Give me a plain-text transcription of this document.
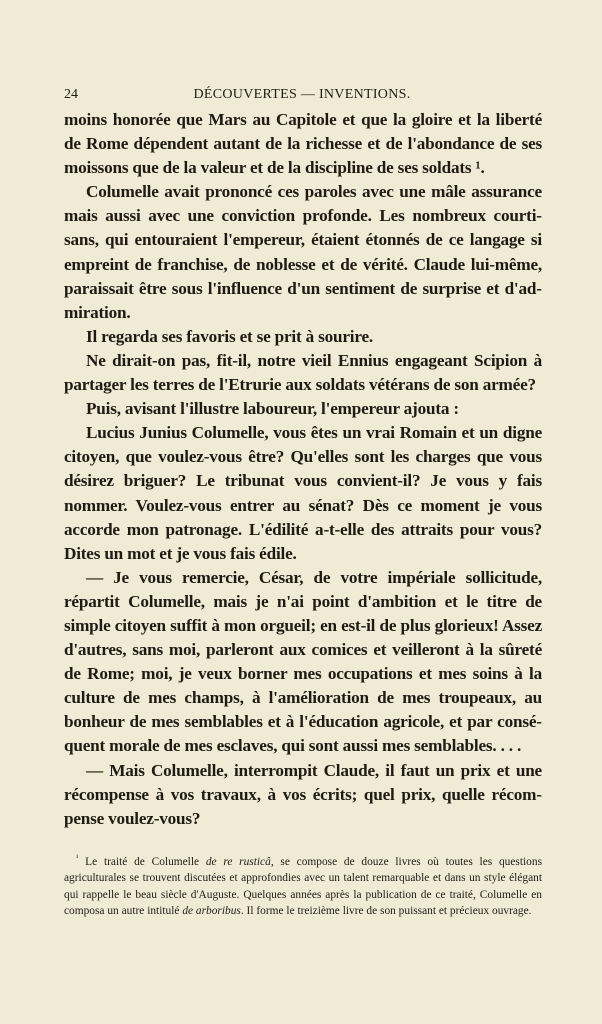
24	DÉCOUVERTES — INVENTIONS.

moins honorée que Mars au Capitole et que la gloire et la liberté de Rome dépendent autant de la richesse et de l'abondance de ses moissons que de la valeur et de la discipline de ses soldats ¹.

Columelle avait prononcé ces paroles avec une mâle assurance mais aussi avec une conviction profonde. Les nombreux courtisans, qui entouraient l'empereur, étaient étonnés de ce langage si empreint de franchise, de noblesse et de vérité. Claude lui-même, paraissait être sous l'influence d'un sentiment de surprise et d'admiration.

Il regarda ses favoris et se prit à sourire.

Ne dirait-on pas, fit-il, notre vieil Ennius engageant Scipion à partager les terres de l'Etrurie aux soldats vétérans de son armée?

Puis, avisant l'illustre laboureur, l'empereur ajouta :

Lucius Junius Columelle, vous êtes un vrai Romain et un digne citoyen, que voulez-vous être? Qu'elles sont les charges que vous désirez briguer? Le tribunat vous convient-il? Je vous y fais nommer. Voulez-vous entrer au sénat? Dès ce moment je vous accorde mon patronage. L'édilité a-t-elle des attraits pour vous? Dites un mot et je vous fais édile.

— Je vous remercie, César, de votre impériale sollicitude, répartit Columelle, mais je n'ai point d'ambition et le titre de simple citoyen suffit à mon orgueil; en est-il de plus glorieux! Assez d'autres, sans moi, parleront aux comices et veilleront à la sûreté de Rome; moi, je veux borner mes occupations et mes soins à la culture de mes champs, à l'amélioration de mes troupeaux, au bonheur de mes semblables et à l'éducation agricole, et par conséquent morale de mes esclaves, qui sont aussi mes semblables. . . .

— Mais Columelle, interrompit Claude, il faut un prix et une récompense à vos travaux, à vos écrits; quel prix, quelle récompense voulez-vous?

$^{^1}$ Le traité de Columelle de re rusticâ, se compose de douze livres où toutes les questions agriculturales se trouvent discutées et approfondies avec un talent remarquable et dans un style élégant qui rappelle le beau siècle d'Auguste. Quelques années après la publication de ce traité, Columelle en composa un autre intitulé de arboribus. Il forme le treizième livre de son puissant et précieux ouvrage.
